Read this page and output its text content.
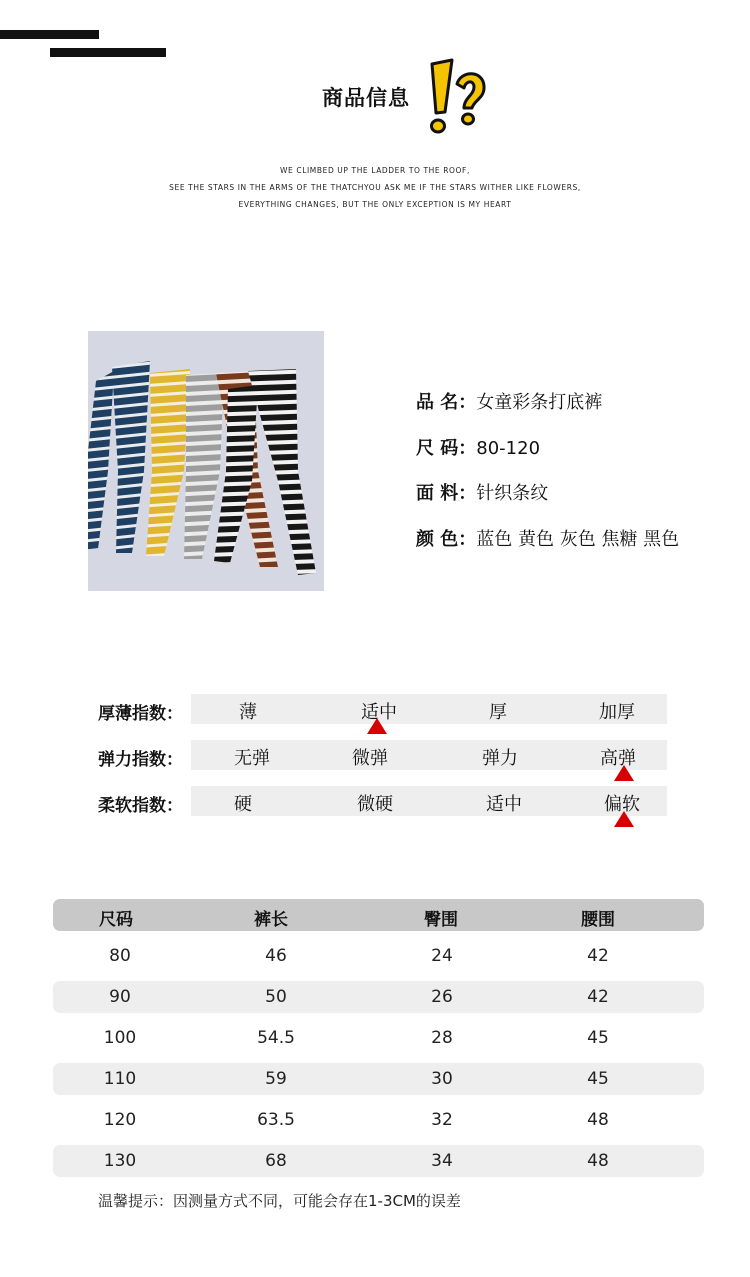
商品信息
WE CLIMBED UP THE LADDER TO THE ROOF,
SEE THE STARS IN THE ARMS OF THE THATCHYOU ASK ME IF THE STARS WITHER LIKE FLOWERS,
EVERYTHING CHANGES, BUT THE ONLY EXCEPTION IS MY HEART
品 名：女童彩条打底裤
尺 码：80-120
面 料：针织条纹
颜 色：蓝色 黄色 灰色 焦糖 黑色
厚薄指数：	薄	适中	厚	加厚
弹力指数：	无弹	微弹	弹力	高弹
柔软指数：	硬	微硬	适中	偏软
尺码	裤长	臀围	腰围
80	46	24	42
90	50	26	42
100	54.5	28	45
110	59	30	45
120	63.5	32	48
130	68	34	48
温馨提示：因测量方式不同，可能会存在1-3CM的误差
